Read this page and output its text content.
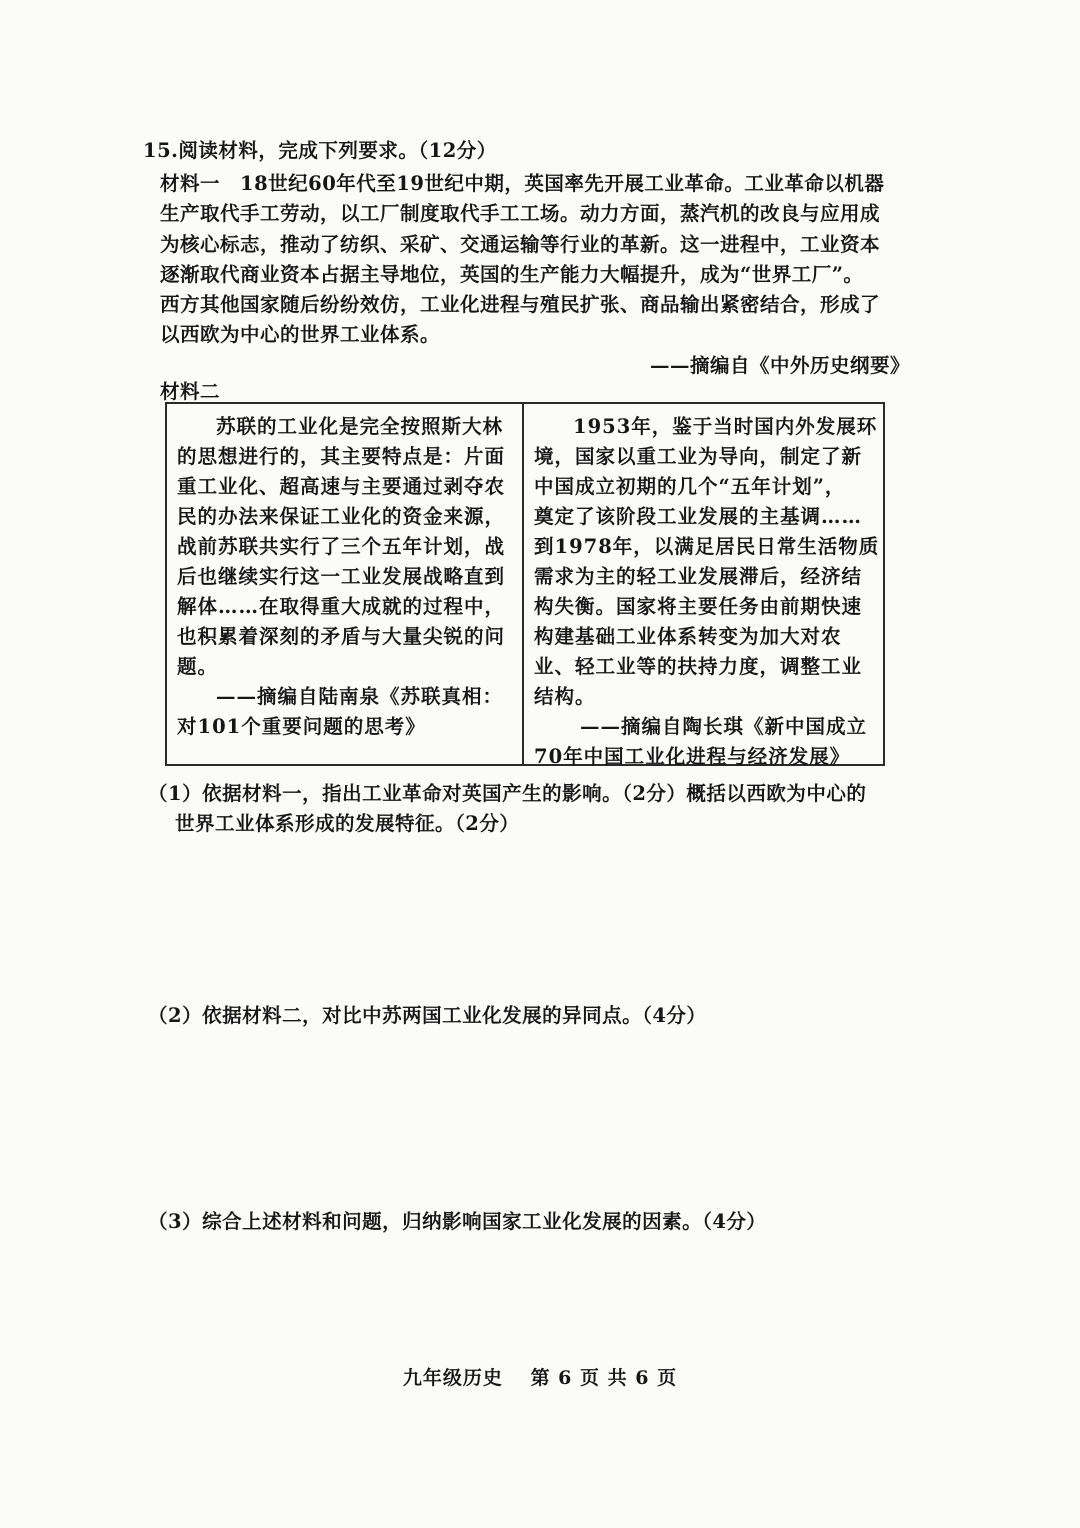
15.阅读材料，完成下列要求。（12分）
材料一　18世纪60年代至19世纪中期，英国率先开展工业革命。工业革命以机器
生产取代手工劳动，以工厂制度取代手工工场。动力方面，蒸汽机的改良与应用成
为核心标志，推动了纺织、采矿、交通运输等行业的革新。这一进程中，工业资本
逐渐取代商业资本占据主导地位，英国的生产能力大幅提升，成为“世界工厂”。
西方其他国家随后纷纷效仿，工业化进程与殖民扩张、商品输出紧密结合，形成了
以西欧为中心的世界工业体系。
——摘编自《中外历史纲要》
材料二
苏联的工业化是完全按照斯大林
的思想进行的，其主要特点是：片面
重工业化、超高速与主要通过剥夺农
民的办法来保证工业化的资金来源，
战前苏联共实行了三个五年计划，战
后也继续实行这一工业发展战略直到
解体……在取得重大成就的过程中，
也积累着深刻的矛盾与大量尖锐的问
题。
——摘编自陆南泉《苏联真相：
对101个重要问题的思考》
1953年，鉴于当时国内外发展环
境，国家以重工业为导向，制定了新
中国成立初期的几个“五年计划”，
奠定了该阶段工业发展的主基调……
到1978年，以满足居民日常生活物质
需求为主的轻工业发展滞后，经济结
构失衡。国家将主要任务由前期快速
构建基础工业体系转变为加大对农
业、轻工业等的扶持力度，调整工业
结构。
——摘编自陶长琪《新中国成立
70年中国工业化进程与经济发展》
（1）依据材料一，指出工业革命对英国产生的影响。（2分）概括以西欧为中心的
世界工业体系形成的发展特征。（2分）
（2）依据材料二，对比中苏两国工业化发展的异同点。（4分）
（3）综合上述材料和问题，归纳影响国家工业化发展的因素。（4分）
九年级历史 第 6 页 共 6 页
